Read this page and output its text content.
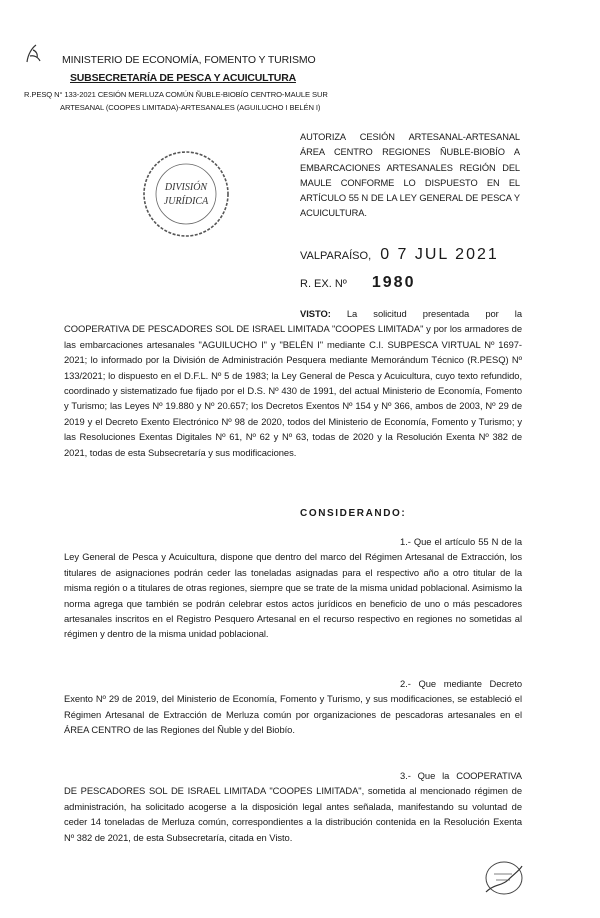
MINISTERIO DE ECONOMÍA, FOMENTO Y TURISMO
SUBSECRETARÍA DE PESCA Y ACUICULTURA
R.PESQ N° 133-2021 CESIÓN MERLUZA COMÚN ÑUBLE-BIOBÍO CENTRO-MAULE SUR
ARTESANAL (COOPES LIMITADA)-ARTESANALES (AGUILUCHO I BELÉN I)
DIVISIÓN
JURÍDICA
AUTORIZA CESIÓN ARTESANAL-ARTESANAL ÁREA CENTRO REGIONES ÑUBLE-BIOBÍO A EMBARCACIONES ARTESANALES REGIÓN DEL MAULE CONFORME LO DISPUESTO EN EL ARTÍCULO 55 N DE LA LEY GENERAL DE PESCA Y ACUICULTURA.
VALPARAÍSO, 0 7 JUL 2021
R. EX. Nº 1980
VISTO: La solicitud presentada por la COOPERATIVA DE PESCADORES SOL DE ISRAEL LIMITADA "COOPES LIMITADA" y por los armadores de las embarcaciones artesanales "AGUILUCHO I" y "BELÉN I" mediante C.I. SUBPESCA VIRTUAL Nº 1697-2021; lo informado por la División de Administración Pesquera mediante Memorándum Técnico (R.PESQ) Nº 133/2021; lo dispuesto en el D.F.L. Nº 5 de 1983; la Ley General de Pesca y Acuicultura, cuyo texto refundido, coordinado y sistematizado fue fijado por el D.S. Nº 430 de 1991, del actual Ministerio de Economía, Fomento y Turismo; las Leyes Nº 19.880 y Nº 20.657; los Decretos Exentos Nº 154 y Nº 366, ambos de 2003, Nº 29 de 2019 y el Decreto Exento Electrónico Nº 98 de 2020, todos del Ministerio de Economía, Fomento y Turismo; y las Resoluciones Exentas Digitales Nº 61, Nº 62 y Nº 63, todas de 2020 y la Resolución Exenta Nº 382 de 2021, todas de esta Subsecretaría y sus modificaciones.
CONSIDERANDO:
1.- Que el artículo 55 N de la Ley General de Pesca y Acuicultura, dispone que dentro del marco del Régimen Artesanal de Extracción, los titulares de asignaciones podrán ceder las toneladas asignadas para el respectivo año a otro titular de la misma región o a titulares de otras regiones, siempre que se trate de la misma unidad poblacional. Asimismo la norma agrega que también se podrán celebrar estos actos jurídicos en beneficio de uno o más pescadores artesanales inscritos en el Registro Pesquero Artesanal en el recurso respectivo en regiones no sometidas al régimen y dentro de la misma unidad poblacional.
2.- Que mediante Decreto Exento Nº 29 de 2019, del Ministerio de Economía, Fomento y Turismo, y sus modificaciones, se estableció el Régimen Artesanal de Extracción de Merluza común por organizaciones de pescadoras artesanales en el ÁREA CENTRO de las Regiones del Ñuble y del Biobío.
3.- Que la COOPERATIVA DE PESCADORES SOL DE ISRAEL LIMITADA "COOPES LIMITADA", sometida al mencionado régimen de administración, ha solicitado acogerse a la disposición legal antes señalada, manifestando su voluntad de ceder 14 toneladas de Merluza común, correspondientes a la distribución contenida en la Resolución Exenta Nº 382 de 2021, de esta Subsecretaría, citada en Visto.
